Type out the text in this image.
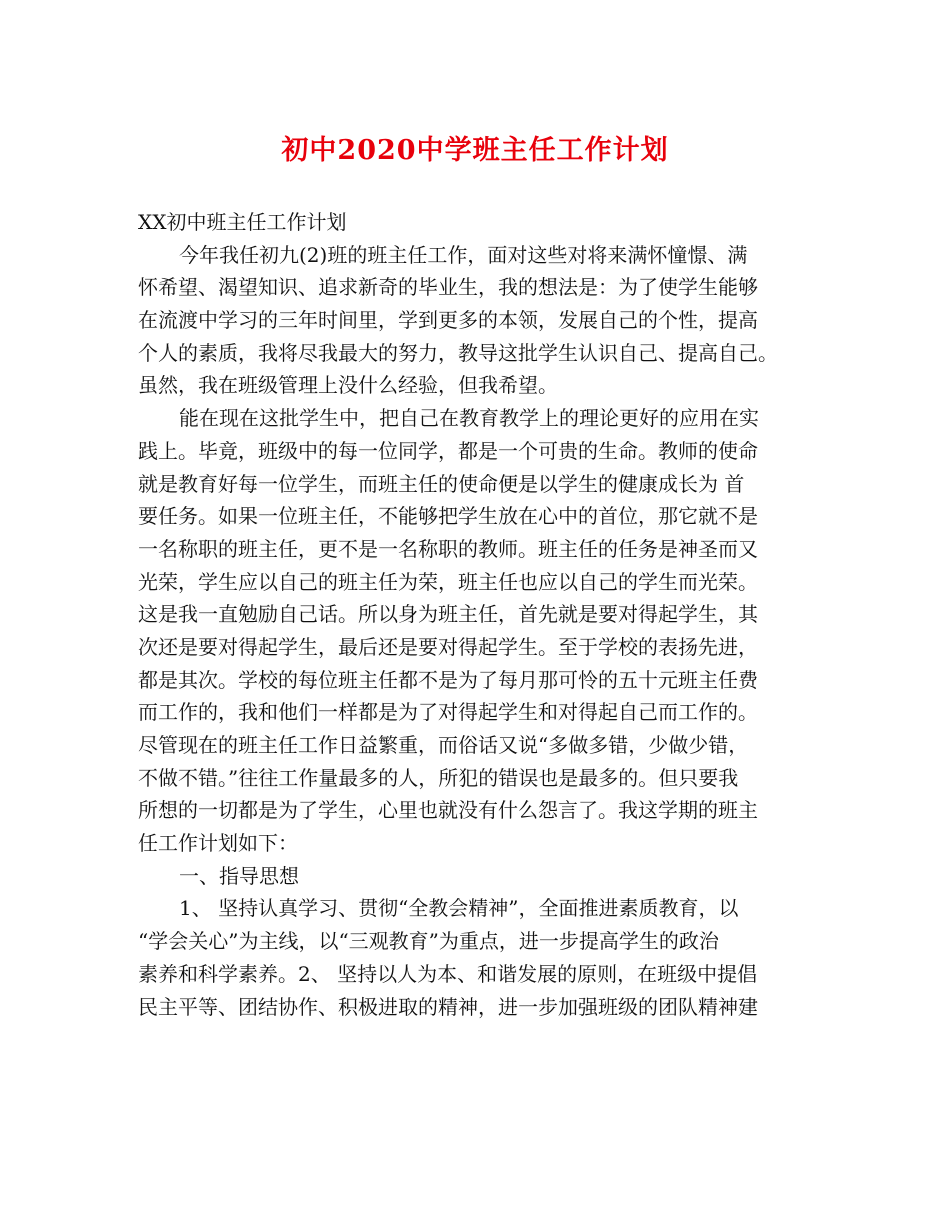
初中2020中学班主任工作计划
XX初中班主任工作计划
今年我任初九(2)班的班主任工作，面对这些对将来满怀憧憬、满
怀希望、渴望知识、追求新奇的毕业生，我的想法是：为了使学生能够
在流渡中学习的三年时间里，学到更多的本领，发展自己的个性，提高
个人的素质，我将尽我最大的努力，教导这批学生认识自己、提高自己。
虽然，我在班级管理上没什么经验，但我希望。
能在现在这批学生中，把自己在教育教学上的理论更好的应用在实
践上。毕竟，班级中的每一位同学，都是一个可贵的生命。教师的使命
就是教育好每一位学生，而班主任的使命便是以学生的健康成长为 首
要任务。如果一位班主任，不能够把学生放在心中的首位，那它就不是
一名称职的班主任，更不是一名称职的教师。班主任的任务是神圣而又
光荣，学生应以自己的班主任为荣，班主任也应以自己的学生而光荣。
这是我一直勉励自己话。所以身为班主任，首先就是要对得起学生，其
次还是要对得起学生，最后还是要对得起学生。至于学校的表扬先进，
都是其次。学校的每位班主任都不是为了每月那可怜的五十元班主任费
而工作的，我和他们一样都是为了对得起学生和对得起自己而工作的。
尽管现在的班主任工作日益繁重，而俗话又说“多做多错，少做少错，
不做不错。”往往工作量最多的人，所犯的错误也是最多的。但只要我
所想的一切都是为了学生，心里也就没有什么怨言了。我这学期的班主
任工作计划如下：
一、指导思想
1、 坚持认真学习、贯彻“全教会精神”，全面推进素质教育，以
“学会关心”为主线，以“三观教育”为重点，进一步提高学生的政治
素养和科学素养。2、 坚持以人为本、和谐发展的原则，在班级中提倡
民主平等、团结协作、积极进取的精神，进一步加强班级的团队精神建
